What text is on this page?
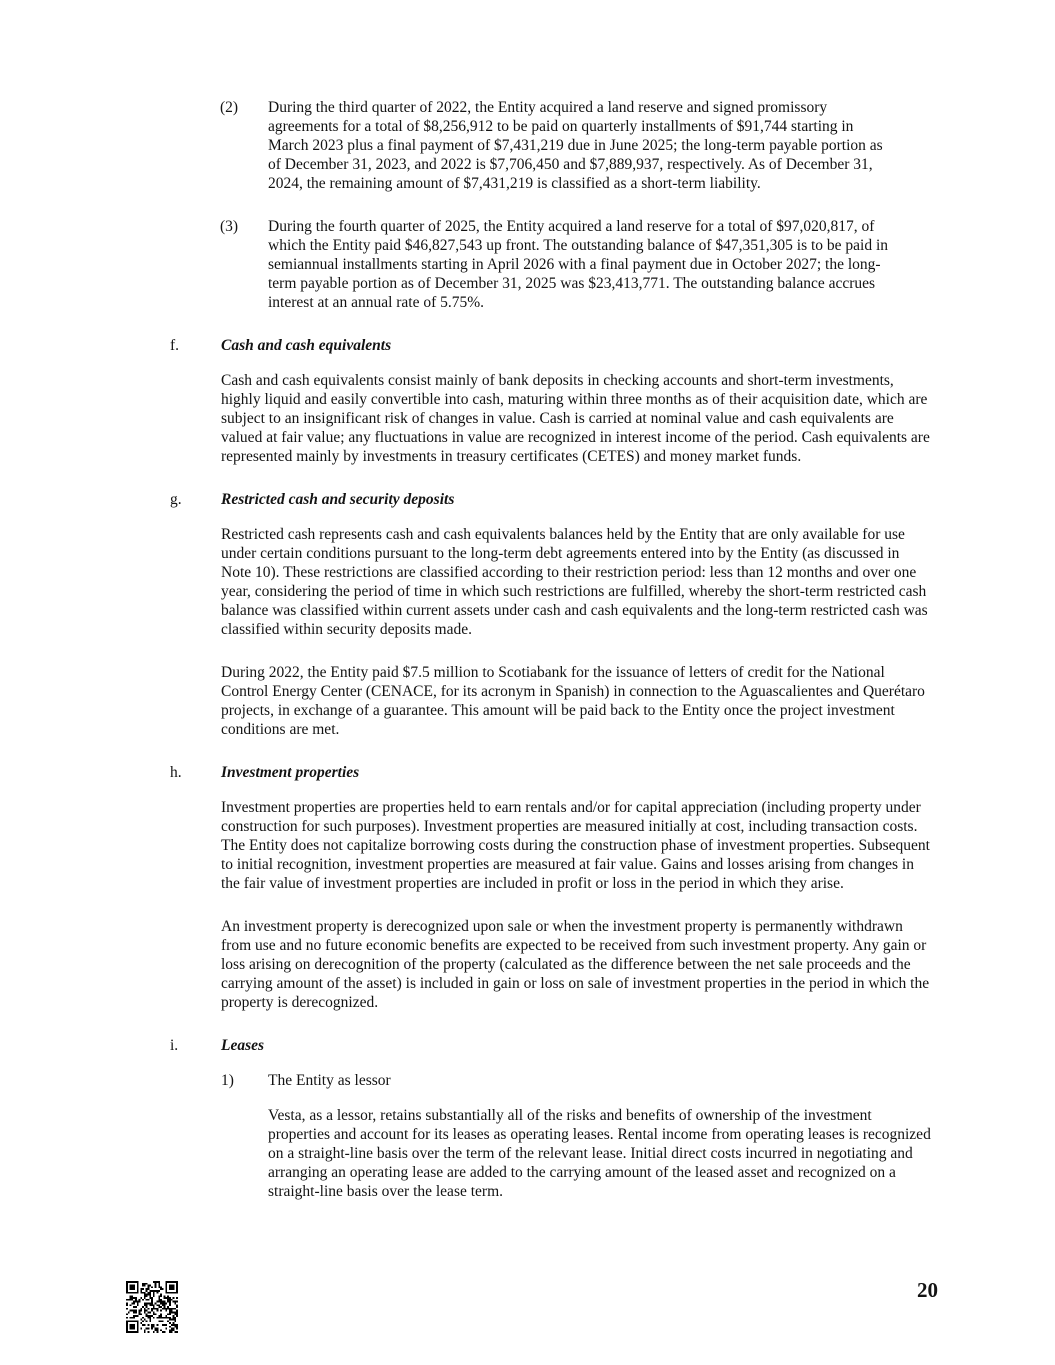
(2)	During the third quarter of 2022, the Entity acquired a land reserve and signed promissory agreements for a total of $8,256,912 to be paid on quarterly installments of $91,744 starting in March 2023 plus a final payment of $7,431,219 due in June 2025; the long-term payable portion as of December 31, 2023, and 2022 is $7,706,450 and $7,889,937, respectively. As of December 31, 2024, the remaining amount of $7,431,219 is classified as a short-term liability.

(3)	During the fourth quarter of 2025, the Entity acquired a land reserve for a total of $97,020,817, of which the Entity paid $46,827,543 up front. The outstanding balance of $47,351,305 is to be paid in semiannual installments starting in April 2026 with a final payment due in October 2027; the long-term payable portion as of December 31, 2025 was $23,413,771. The outstanding balance accrues interest at an annual rate of 5.75%.

f.	Cash and cash equivalents

Cash and cash equivalents consist mainly of bank deposits in checking accounts and short-term investments, highly liquid and easily convertible into cash, maturing within three months as of their acquisition date, which are subject to an insignificant risk of changes in value. Cash is carried at nominal value and cash equivalents are valued at fair value; any fluctuations in value are recognized in interest income of the period. Cash equivalents are represented mainly by investments in treasury certificates (CETES) and money market funds.

g.	Restricted cash and security deposits

Restricted cash represents cash and cash equivalents balances held by the Entity that are only available for use under certain conditions pursuant to the long-term debt agreements entered into by the Entity (as discussed in Note 10). These restrictions are classified according to their restriction period: less than 12 months and over one year, considering the period of time in which such restrictions are fulfilled, whereby the short-term restricted cash balance was classified within current assets under cash and cash equivalents and the long-term restricted cash was classified within security deposits made.

During 2022, the Entity paid $7.5 million to Scotiabank for the issuance of letters of credit for the National Control Energy Center (CENACE, for its acronym in Spanish) in connection to the Aguascalientes and Querétaro projects, in exchange of a guarantee. This amount will be paid back to the Entity once the project investment conditions are met.

h.	Investment properties

Investment properties are properties held to earn rentals and/or for capital appreciation (including property under construction for such purposes). Investment properties are measured initially at cost, including transaction costs. The Entity does not capitalize borrowing costs during the construction phase of investment properties. Subsequent to initial recognition, investment properties are measured at fair value. Gains and losses arising from changes in the fair value of investment properties are included in profit or loss in the period in which they arise.

An investment property is derecognized upon sale or when the investment property is permanently withdrawn from use and no future economic benefits are expected to be received from such investment property. Any gain or loss arising on derecognition of the property (calculated as the difference between the net sale proceeds and the carrying amount of the asset) is included in gain or loss on sale of investment properties in the period in which the property is derecognized.

i.	Leases
1)	The Entity as lessor

Vesta, as a lessor, retains substantially all of the risks and benefits of ownership of the investment properties and account for its leases as operating leases. Rental income from operating leases is recognized on a straight-line basis over the term of the relevant lease. Initial direct costs incurred in negotiating and arranging an operating lease are added to the carrying amount of the leased asset and recognized on a straight-line basis over the lease term.

20
